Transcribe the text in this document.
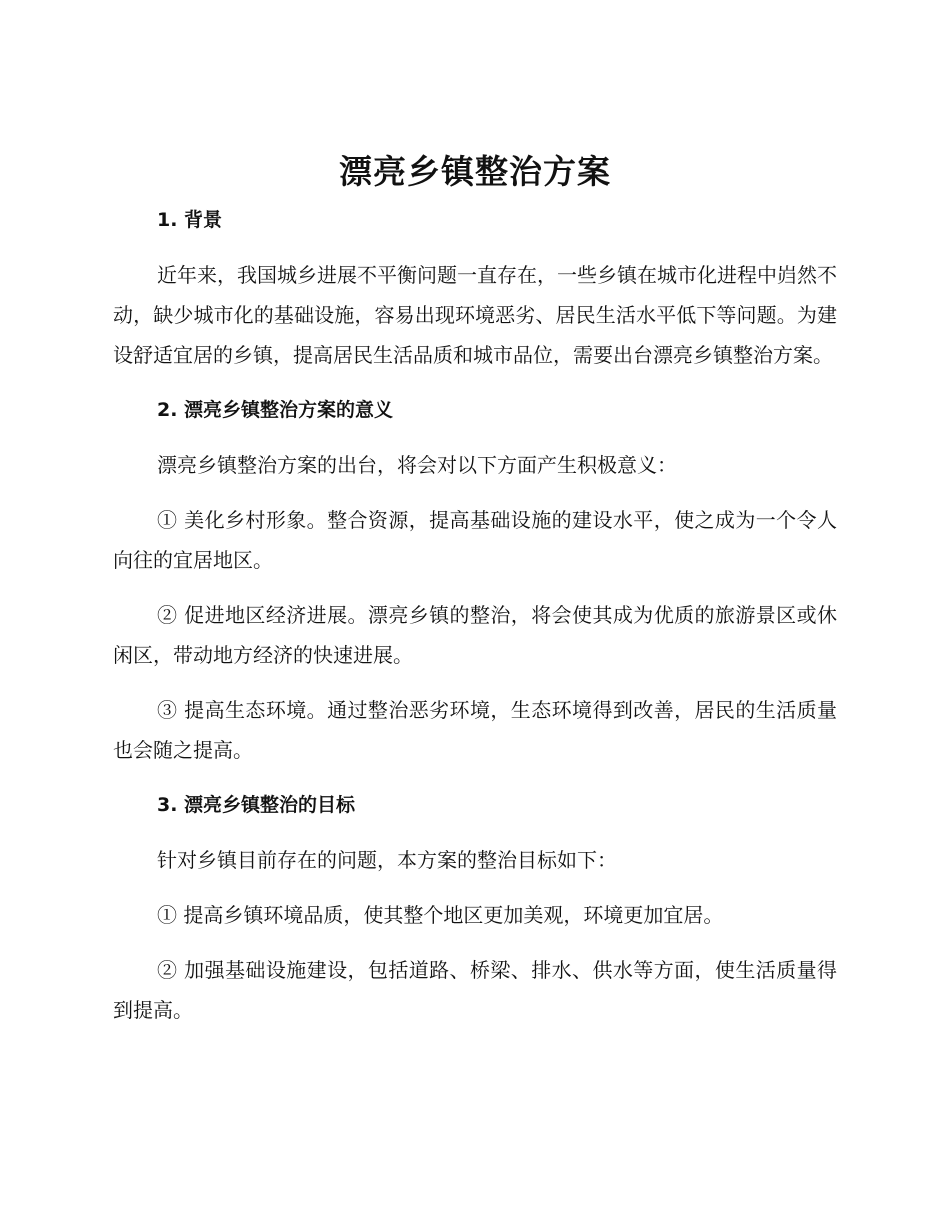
漂亮乡镇整治方案
1. 背景

近年来，我国城乡进展不平衡问题一直存在，一些乡镇在城市化进程中岿然不动，缺少城市化的基础设施，容易出现环境恶劣、居民生活水平低下等问题。为建设舒适宜居的乡镇，提高居民生活品质和城市品位，需要出台漂亮乡镇整治方案。

2. 漂亮乡镇整治方案的意义

漂亮乡镇整治方案的出台，将会对以下方面产生积极意义：

① 美化乡村形象。整合资源，提高基础设施的建设水平，使之成为一个令人向往的宜居地区。

② 促进地区经济进展。漂亮乡镇的整治，将会使其成为优质的旅游景区或休闲区，带动地方经济的快速进展。

③ 提高生态环境。通过整治恶劣环境，生态环境得到改善，居民的生活质量也会随之提高。

3. 漂亮乡镇整治的目标

针对乡镇目前存在的问题，本方案的整治目标如下：

① 提高乡镇环境品质，使其整个地区更加美观，环境更加宜居。

② 加强基础设施建设，包括道路、桥梁、排水、供水等方面，使生活质量得到提高。
